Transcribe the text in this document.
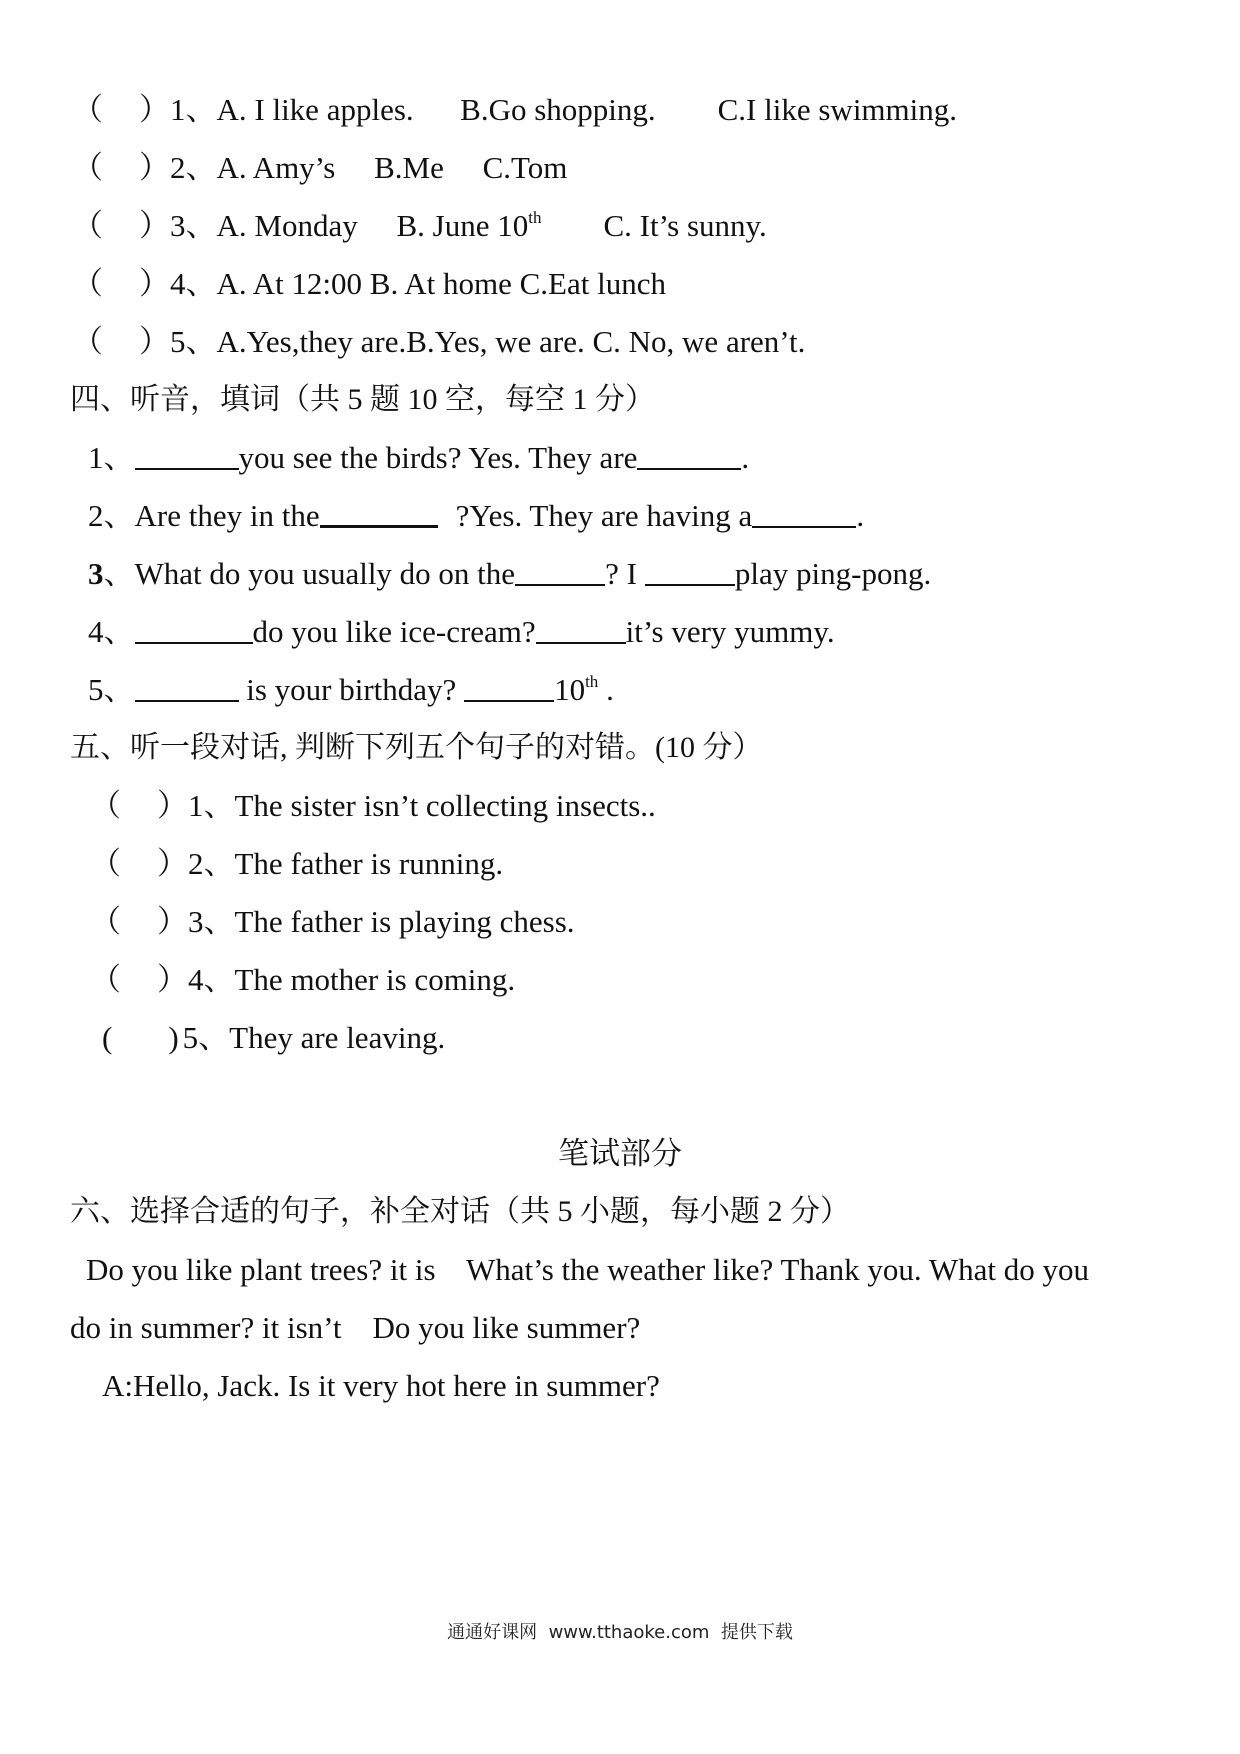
（ ）1、A. I like apples.      B.Go shopping.        C.I like swimming.
（ ）2、A. Amy’s     B.Me     C.Tom
（ ）3、A. Monday     B. June 10th        C. It’s sunny.
（ ）4、A. At 12:00 B. At home C.Eat lunch
（ ）5、A.Yes,they are.B.Yes, we are. C. No, we aren’t.
四、听音，填词（共 5 题 10 空，每空 1 分）
1、	you see the birds? Yes. They are	.
2、Are they in the	?Yes. They are having a	.
3、What do you usually do on the	? I	play ping-pong.
4、	do you like ice-cream?	it’s very yummy.
5、	is your birthday?	10th .
五、听一段对话, 判断下列五个句子的对错。(10 分）
（ ）1、The sister isn’t collecting insects..
（ ）2、The father is running.
（ ）3、The father is playing chess.
（ ）4、The mother is coming.
( ) 5、They are leaving.
笔试部分
六、选择合适的句子，补全对话（共 5 小题，每小题 2 分）
Do you like plant trees? it is    What’s the weather like? Thank you. What do you
do in summer? it isn’t    Do you like summer?
A:Hello, Jack. Is it very hot here in summer?
通通好课网  www.tthaoke.com  提供下载
